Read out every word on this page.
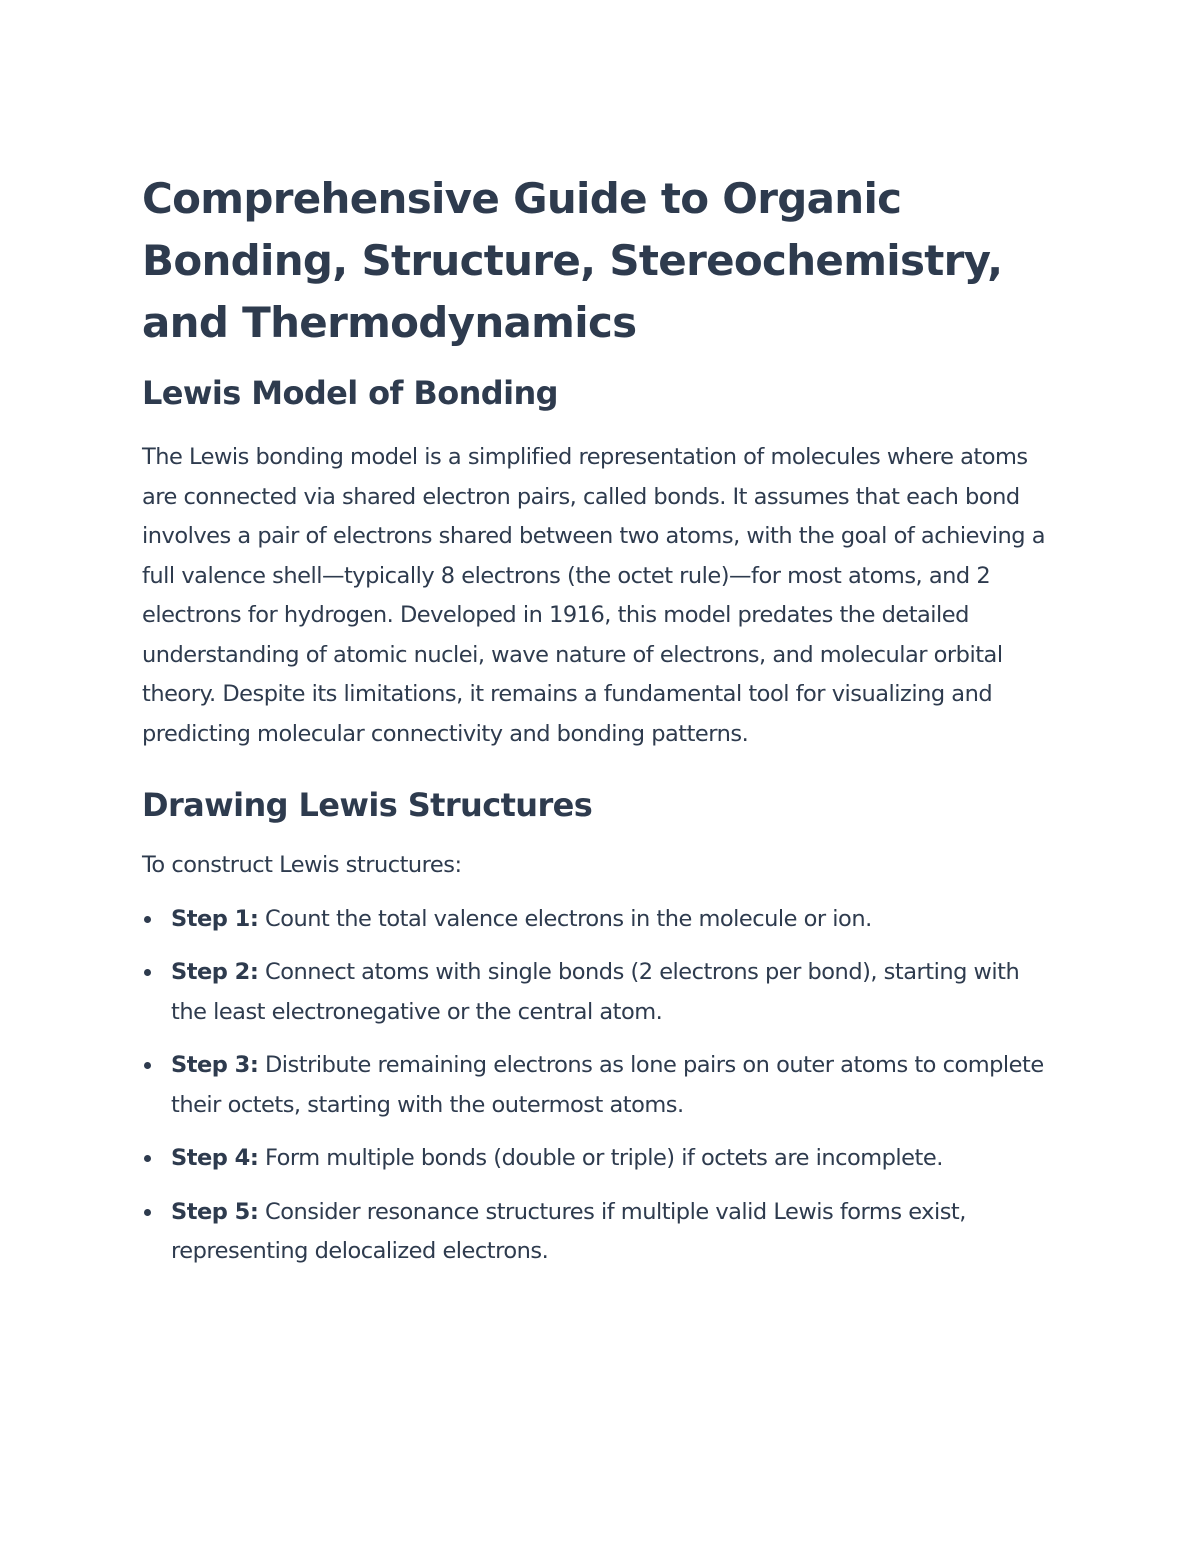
Comprehensive Guide to Organic Bonding, Structure, Stereochemistry, and Thermodynamics
Lewis Model of Bonding

The Lewis bonding model is a simplified representation of molecules where atoms are connected via shared electron pairs, called bonds. It assumes that each bond involves a pair of electrons shared between two atoms, with the goal of achieving a full valence shell—typically 8 electrons (the octet rule)—for most atoms, and 2 electrons for hydrogen. Developed in 1916, this model predates the detailed understanding of atomic nuclei, wave nature of electrons, and molecular orbital theory. Despite its limitations, it remains a fundamental tool for visualizing and predicting molecular connectivity and bonding patterns.

Drawing Lewis Structures

To construct Lewis structures:

Step 1: Count the total valence electrons in the molecule or ion.
Step 2: Connect atoms with single bonds (2 electrons per bond), starting with the least electronegative or the central atom.
Step 3: Distribute remaining electrons as lone pairs on outer atoms to complete their octets, starting with the outermost atoms.
Step 4: Form multiple bonds (double or triple) if octets are incomplete.
Step 5: Consider resonance structures if multiple valid Lewis forms exist, representing delocalized electrons.
